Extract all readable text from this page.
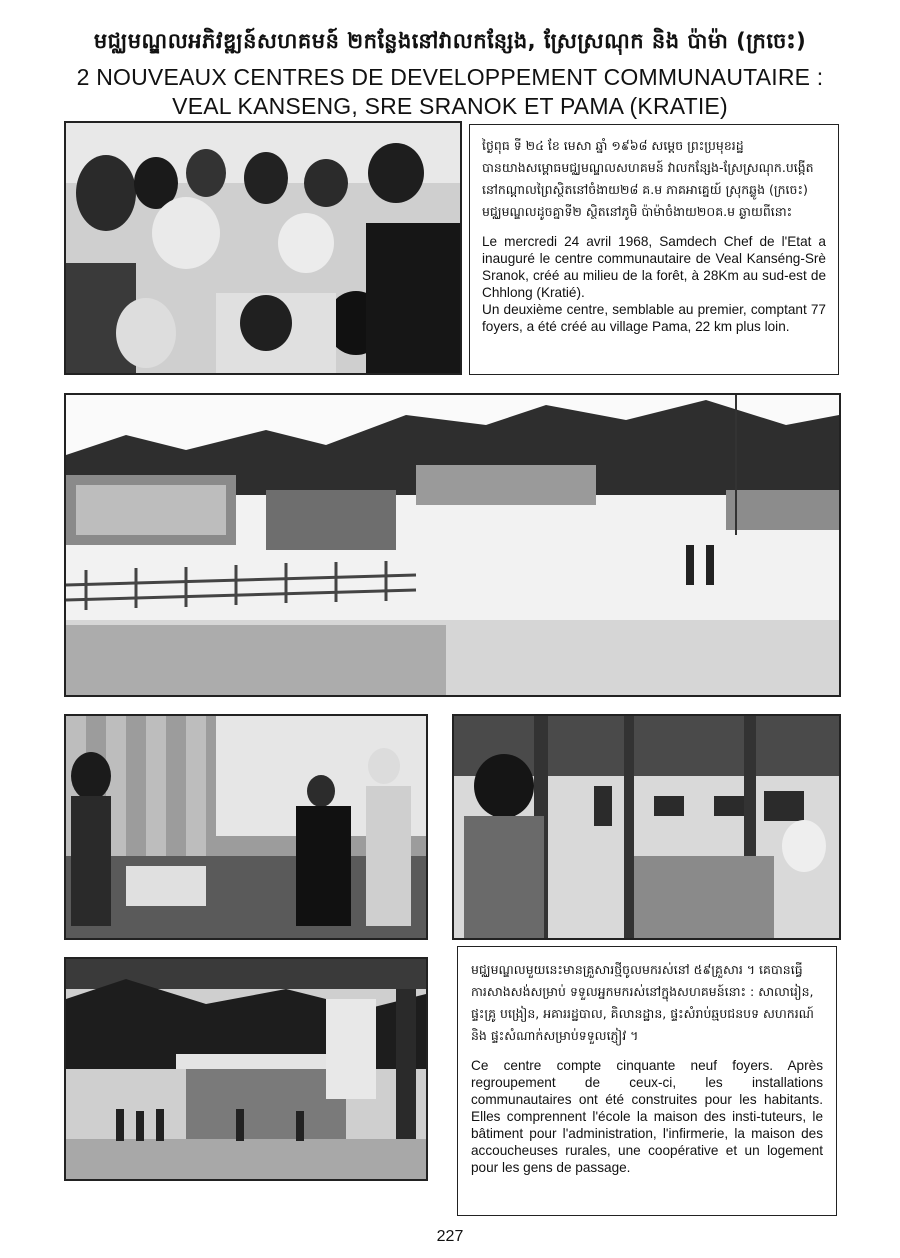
មជ្ឈមណ្ឌលអភិវឌ្ឍន៍សហគមន៍ ២កន្លែងនៅវាលកន្សែង, ស្រែស្រណុក និង ប៉ាម៉ា (ក្រចេះ)
2 NOUVEAUX CENTRES DE DEVELOPPEMENT COMMUNAUTAIRE :
VEAL KANSENG, SRE SRANOK ET PAMA (KRATIE)

ថ្ងៃពុធ ទី ២៤ ខែ មេសា ឆ្នាំ ១៩៦៨ សម្ដេច ព្រះប្រមុខរដ្ឋ បានយាងសម្ពោធមជ្ឈមណ្ឌលសហគមន៍ វាលកន្សែង-ស្រែស្រណុក.បង្កើតនៅកណ្ដាលព្រៃស្ថិតនៅចំងាយ២៨ គ.ម ភាគអាគ្នេយ៍ ស្រុកឆ្លូង (ក្រចេះ) មជ្ឈមណ្ឌលដូចគ្នាទី២ ស្ថិតនៅភូមិ ប៉ាម៉ាចំងាយ២០គ.ម ឆ្ងាយពីនោះ

Le mercredi 24 avril 1968, Samdech Chef de l'Etat a inauguré le centre communautaire de Veal Kanséng-Srè Sranok, créé au milieu de la forêt, à 28Km au sud-est de Chhlong (Kratié).

Un deuxième centre, semblable au premier, comptant 77 foyers, a été créé au village Pama, 22 km plus loin.

មជ្ឈមណ្ឌលមួយនេះមានគ្រួសារថ្មីចូលមករស់នៅ ៥៩គ្រួសារ ។ គេបានធ្វើការសាងសង់សម្រាប់ ទទួលអ្នកមករស់នៅក្នុងសហគមន៍នោះ : សាលារៀន, ផ្ទះគ្រូ បង្រៀន, អគាររដ្ឋបាល, គិលានដ្ឋាន, ផ្ទះសំរាប់ឆ្មបជនបទ សហករណ៍ និង ផ្ទះសំណាក់សម្រាប់ទទួលភ្ញៀវ ។

Ce centre compte cinquante neuf foyers. Après regroupement de ceux-ci, les installations communautaires ont été construites pour les habitants. Elles comprennent l'école la maison des insti-tuteurs, le bâtiment pour l'administration, l'infirmerie, la maison des accoucheuses rurales, une coopérative et un logement pour les gens de passage.

227
